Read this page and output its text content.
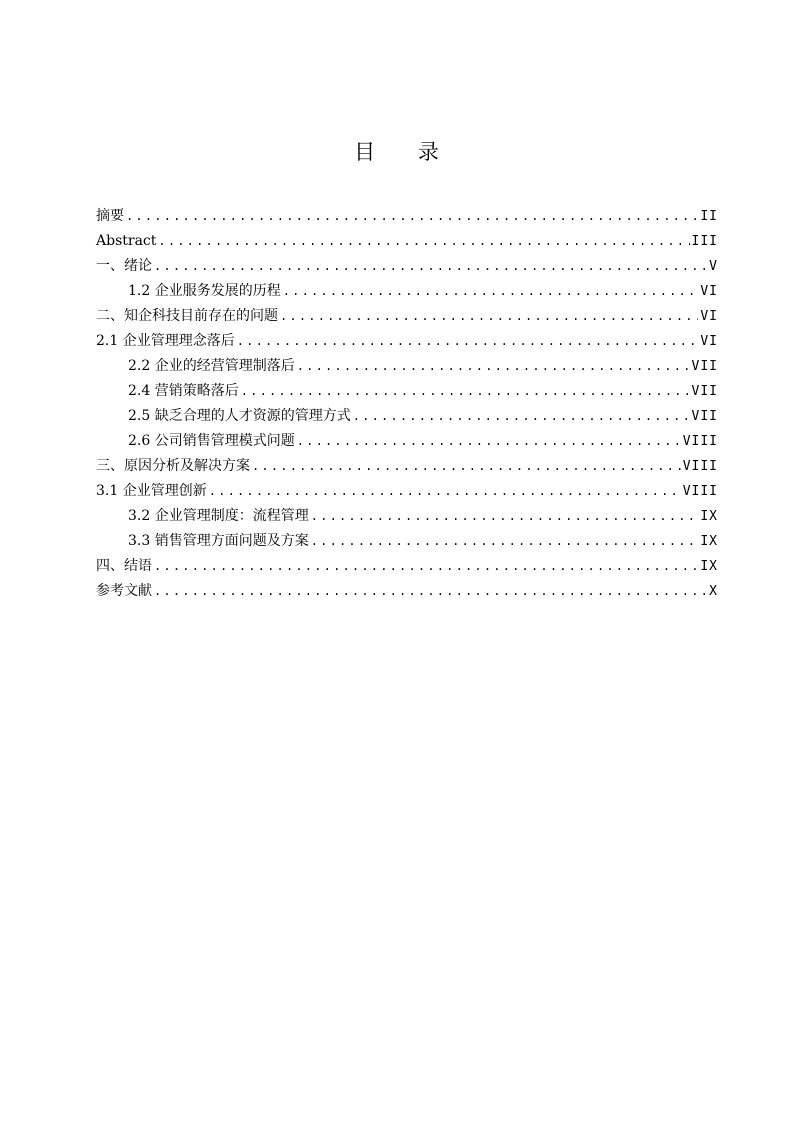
目 录
摘要 .....	II
Abstract .....	III
一、绪论 .....	V
1.2 企业服务发展的历程 .....	VI
二、知企科技目前存在的问题 .....	VI
2.1 企业管理理念落后 .....	VI
2.2 企业的经营管理制落后 .....	VII
2.4 营销策略落后 .....	VII
2.5 缺乏合理的人才资源的管理方式 .....	VII
2.6 公司销售管理模式问题 .....	VIII
三、原因分析及解决方案 .....	VIII
3.1 企业管理创新 .....	VIII
3.2 企业管理制度：流程管理 .....	IX
3.3 销售管理方面问题及方案 .....	IX
四、结语 .....	IX
参考文献 .....	X
